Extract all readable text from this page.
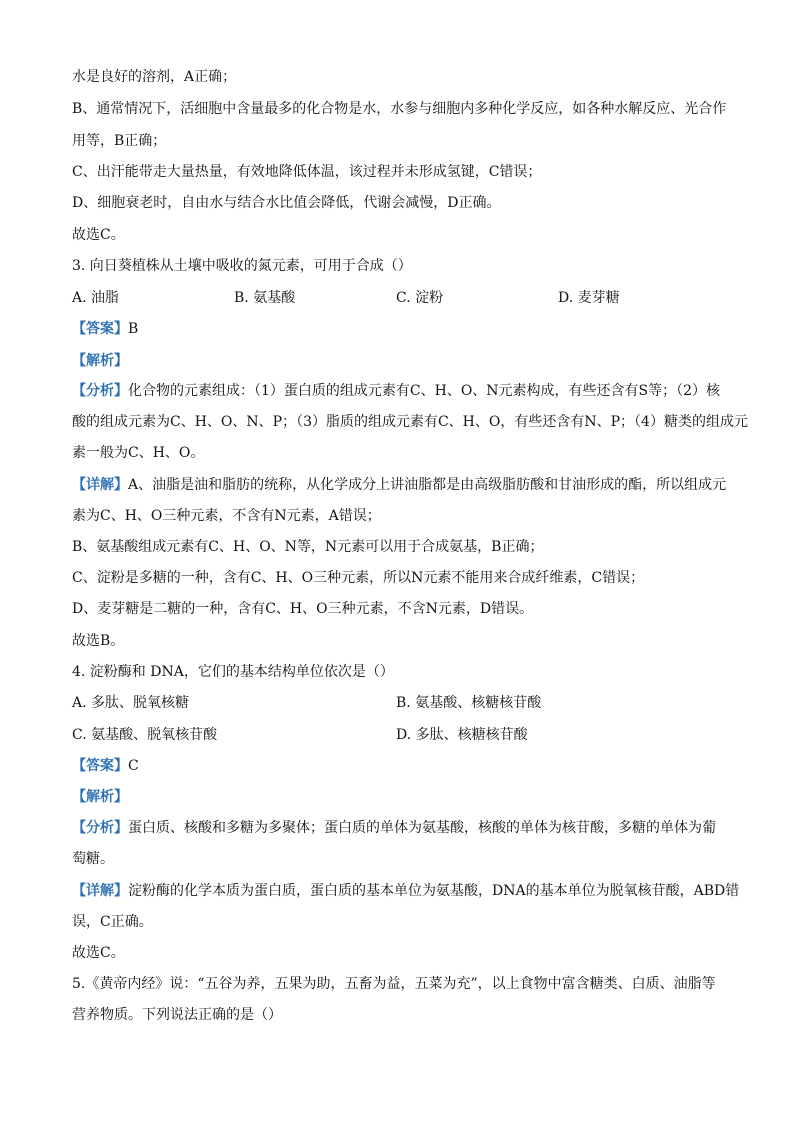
水是良好的溶剂，A正确；
B、通常情况下，活细胞中含量最多的化合物是水，水参与细胞内多种化学反应，如各种水解反应、光合作
用等，B正确；
C、出汗能带走大量热量，有效地降低体温，该过程并未形成氢键，C错误；
D、细胞衰老时，自由水与结合水比值会降低，代谢会减慢，D正确。
故选C。
3. 向日葵植株从土壤中吸收的氮元素，可用于合成（）
A. 油脂	B. 氨基酸	C. 淀粉	D. 麦芽糖
【答案】B
【解析】
【分析】化合物的元素组成：（1）蛋白质的组成元素有C、H、O、N元素构成，有些还含有S等；（2）核
酸的组成元素为C、H、O、N、P；（3）脂质的组成元素有C、H、O，有些还含有N、P；（4）糖类的组成元
素一般为C、H、O。
【详解】A、油脂是油和脂肪的统称，从化学成分上讲油脂都是由高级脂肪酸和甘油形成的酯，所以组成元
素为C、H、O三种元素，不含有N元素，A错误；
B、氨基酸组成元素有C、H、O、N等，N元素可以用于合成氨基，B正确；
C、淀粉是多糖的一种，含有C、H、O三种元素，所以N元素不能用来合成纤维素，C错误；
D、麦芽糖是二糖的一种，含有C、H、O三种元素，不含N元素，D错误。
故选B。
4. 淀粉酶和 DNA，它们的基本结构单位依次是（）
A. 多肽、脱氧核糖	B. 氨基酸、核糖核苷酸
C. 氨基酸、脱氧核苷酸	D. 多肽、核糖核苷酸
【答案】C
【解析】
【分析】蛋白质、核酸和多糖为多聚体；蛋白质的单体为氨基酸，核酸的单体为核苷酸，多糖的单体为葡
萄糖。
【详解】淀粉酶的化学本质为蛋白质，蛋白质的基本单位为氨基酸，DNA的基本单位为脱氧核苷酸，ABD错
误，C正确。
故选C。
5.《黄帝内经》说：“五谷为养，五果为助，五畜为益，五菜为充”，以上食物中富含糖类、白质、油脂等
营养物质。下列说法正确的是（）
